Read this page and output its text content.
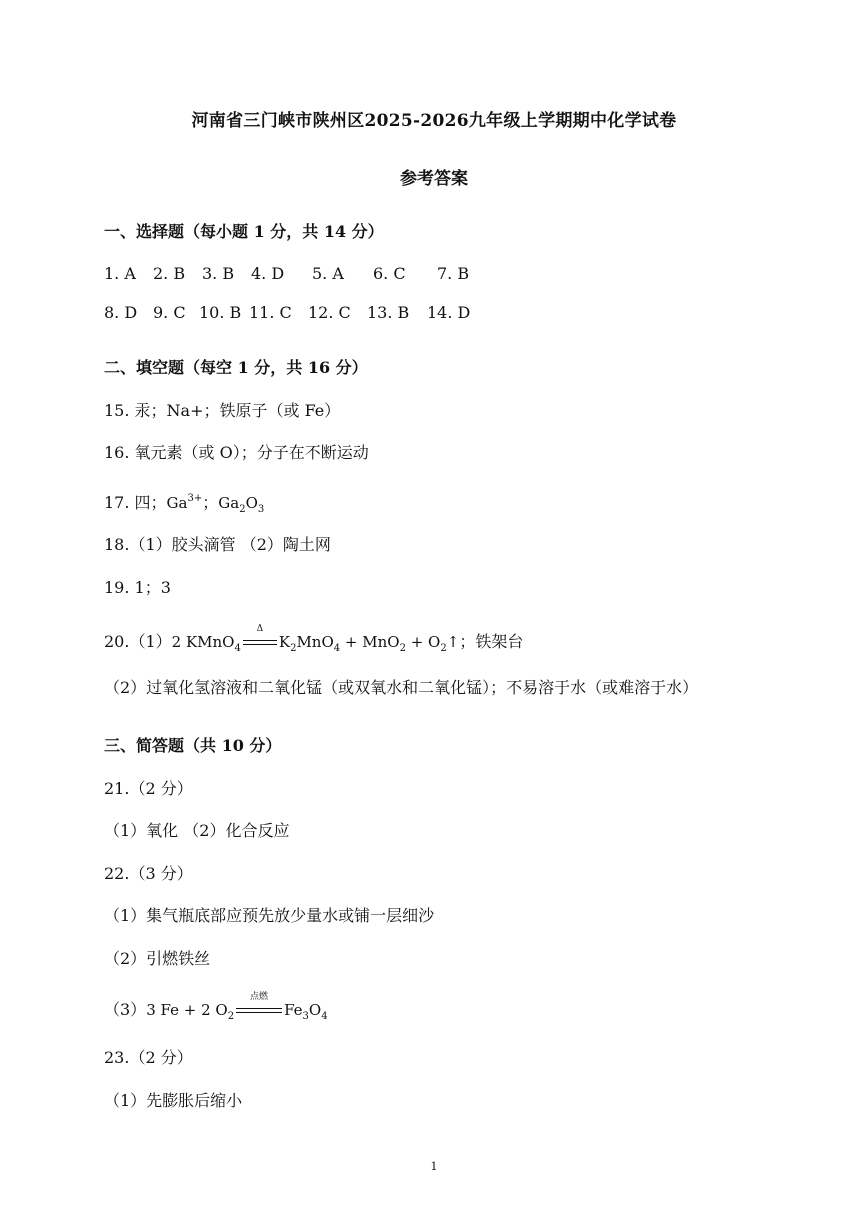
河南省三门峡市陕州区2025-2026九年级上学期期中化学试卷
参考答案
一、选择题（每小题 1 分，共 14 分）
1. A 2. B 3. B 4. D 5. A 6. C 7. B
8. D 9. C 10. B 11. C 12. C 13. B 14. D
二、填空题（每空 1 分，共 16 分）
15. 汞；Na+；铁原子（或 Fe）
16. 氧元素（或 O）；分子在不断运动
17. 四；$Ga^{3+}$；$Ga_2O_3$
18.（1）胶头滴管 （2）陶土网
19. 1；3
20.（1）2 KMnO$_4$
Δ
$K_2MnO_4 + MnO_2$ + $O_2↑$；铁架台
（2）过氧化氢溶液和二氧化锰（或双氧水和二氧化锰）；不易溶于水（或难溶于水）
三、简答题（共 10 分）
21.（2 分）
（1）氧化 （2）化合反应
22.（3 分）
（1）集气瓶底部应预先放少量水或铺一层细沙
（2）引燃铁丝
（3）3 Fe + 2 $O_2$
点燃
$Fe_3O_4$
23.（2 分）
（1）先膨胀后缩小
1
